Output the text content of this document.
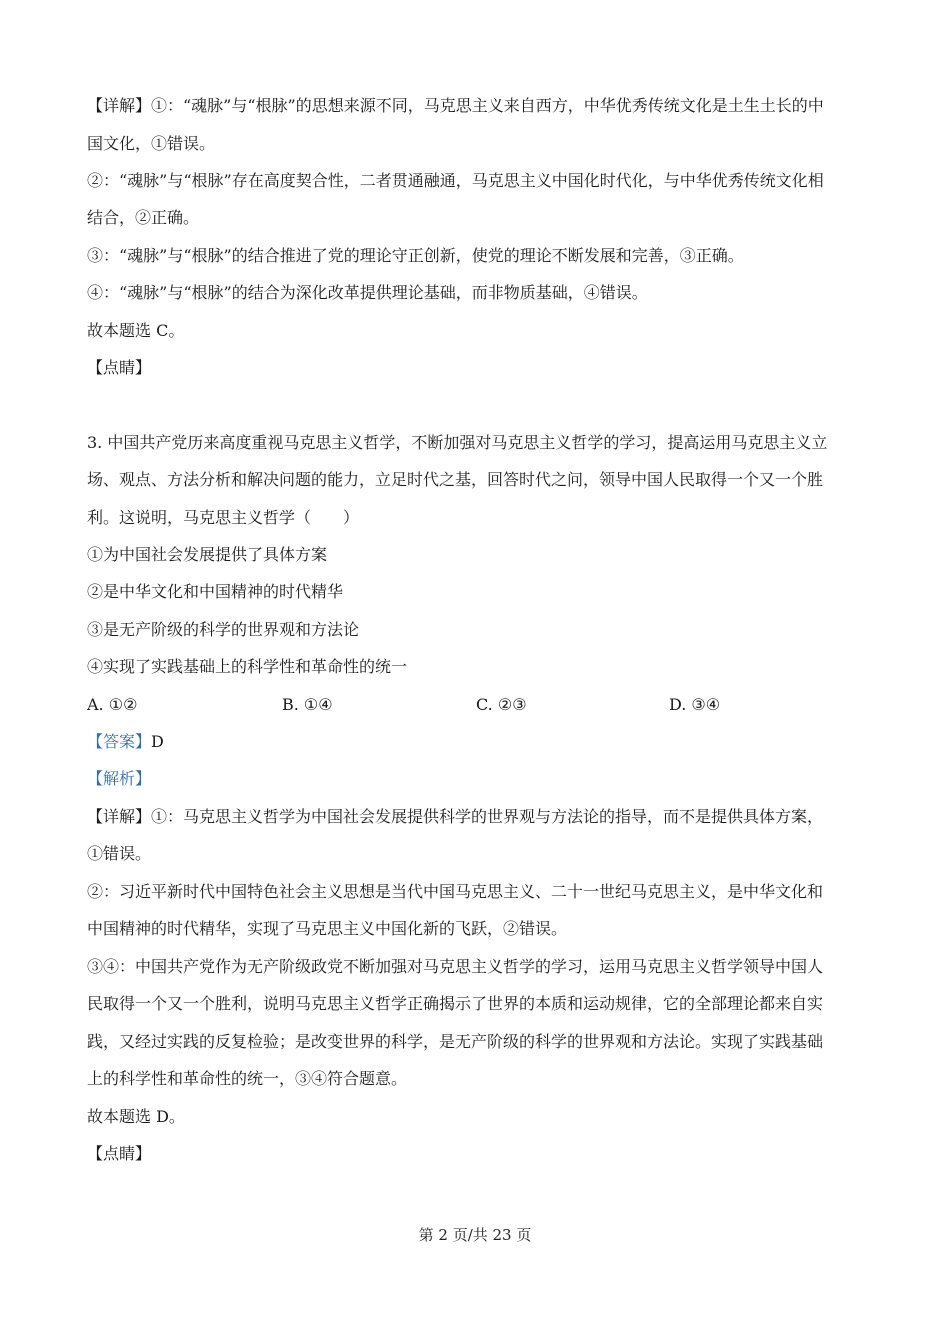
【详解】①：“魂脉”与“根脉”的思想来源不同，马克思主义来自西方，中华优秀传统文化是土生土长的中
国文化，①错误。
②：“魂脉”与“根脉”存在高度契合性，二者贯通融通，马克思主义中国化时代化，与中华优秀传统文化相
结合，②正确。
③：“魂脉”与“根脉”的结合推进了党的理论守正创新，使党的理论不断发展和完善，③正确。
④：“魂脉”与“根脉”的结合为深化改革提供理论基础，而非物质基础，④错误。
故本题选 C。
【点睛】
3. 中国共产党历来高度重视马克思主义哲学，不断加强对马克思主义哲学的学习，提高运用马克思主义立
场、观点、方法分析和解决问题的能力，立足时代之基，回答时代之问，领导中国人民取得一个又一个胜
利。这说明，马克思主义哲学（　　）
①为中国社会发展提供了具体方案
②是中华文化和中国精神的时代精华
③是无产阶级的科学的世界观和方法论
④实现了实践基础上的科学性和革命性的统一
A. ①②	B. ①④	C. ②③	D. ③④
【答案】D
【解析】
【详解】①：马克思主义哲学为中国社会发展提供科学的世界观与方法论的指导，而不是提供具体方案，
①错误。
②：习近平新时代中国特色社会主义思想是当代中国马克思主义、二十一世纪马克思主义，是中华文化和
中国精神的时代精华，实现了马克思主义中国化新的飞跃，②错误。
③④：中国共产党作为无产阶级政党不断加强对马克思主义哲学的学习，运用马克思主义哲学领导中国人
民取得一个又一个胜利，说明马克思主义哲学正确揭示了世界的本质和运动规律，它的全部理论都来自实
践，又经过实践的反复检验；是改变世界的科学，是无产阶级的科学的世界观和方法论。实现了实践基础
上的科学性和革命性的统一，③④符合题意。
故本题选 D。
【点睛】
第 2 页/共 23 页
